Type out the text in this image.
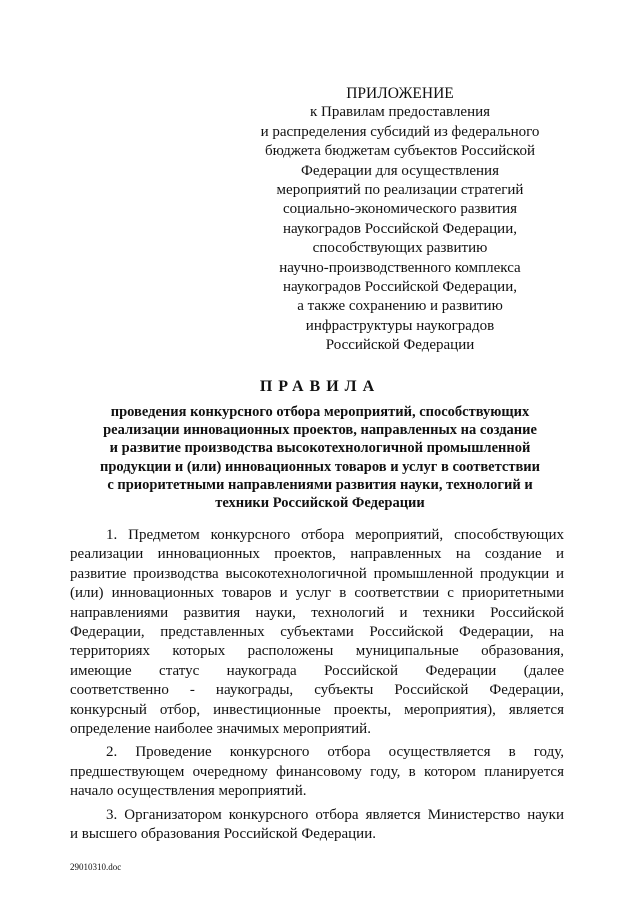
ПРИЛОЖЕНИЕ
к Правилам предоставления
и распределения субсидий из федерального
бюджета бюджетам субъектов Российской
Федерации для осуществления
мероприятий по реализации стратегий
социально-экономического развития
наукоградов Российской Федерации,
способствующих развитию
научно-производственного комплекса
наукоградов Российской Федерации,
а также сохранению и развитию
инфраструктуры наукоградов
Российской Федерации
ПРАВИЛА
проведения конкурсного отбора мероприятий, способствующих
реализации инновационных проектов, направленных на создание
и развитие производства высокотехнологичной промышленной
продукции и (или) инновационных товаров и услуг в соответствии
с приоритетными направлениями развития науки, технологий и
техники Российской Федерации
1. Предметом конкурсного отбора мероприятий, способствующих
реализации инновационных проектов, направленных на создание и
развитие производства высокотехнологичной промышленной продукции и
(или) инновационных товаров и услуг в соответствии с приоритетными
направлениями развития науки, технологий и техники Российской
Федерации, представленных субъектами Российской Федерации, на
территориях которых расположены муниципальные образования,
имеющие статус наукограда Российской Федерации (далее
соответственно - наукограды, субъекты Российской Федерации,
конкурсный отбор, инвестиционные проекты, мероприятия), является
определение наиболее значимых мероприятий.
2. Проведение конкурсного отбора осуществляется в году,
предшествующем очередному финансовому году, в котором планируется
начало осуществления мероприятий.
3. Организатором конкурсного отбора является Министерство науки
и высшего образования Российской Федерации.
29010310.doc
